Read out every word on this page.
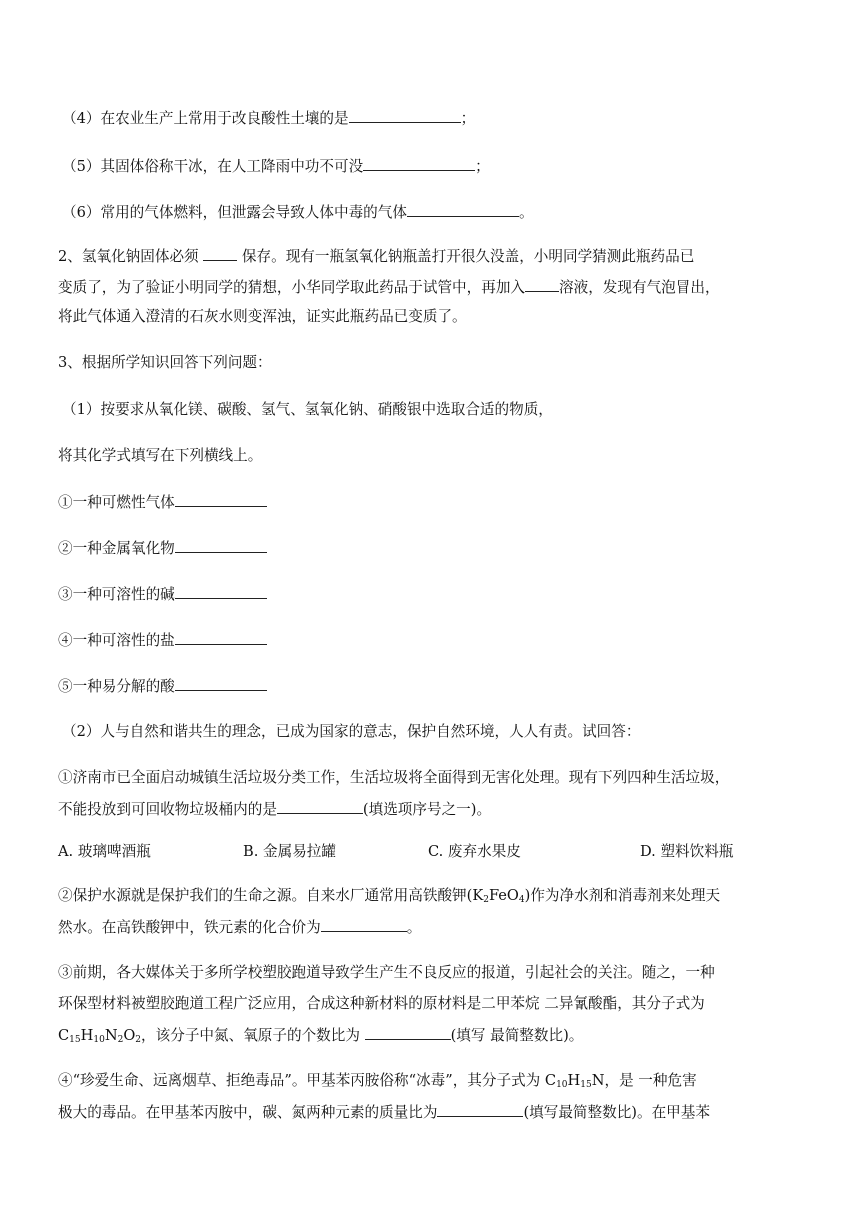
（4）在农业生产上常用于改良酸性土壤的是	；
（5）其固体俗称干冰，在人工降雨中功不可没	；
（6）常用的气体燃料，但泄露会导致人体中毒的气体	。
2、氢氧化钠固体必须  保存。现有一瓶氢氧化钠瓶盖打开很久没盖，小明同学猜测此瓶药品已
变质了，为了验证小明同学的猜想，小华同学取此药品于试管中，再加入 溶液，发现有气泡冒出，
将此气体通入澄清的石灰水则变浑浊，证实此瓶药品已变质了。
3、根据所学知识回答下列问题：
（1）按要求从氧化镁、碳酸、氢气、氢氧化钠、硝酸银中选取合适的物质，
将其化学式填写在下列横线上。
①一种可燃性气体
②一种金属氧化物
③一种可溶性的碱
④一种可溶性的盐
⑤一种易分解的酸
（2）人与自然和谐共生的理念，已成为国家的意志，保护自然环境，人人有责。试回答：
①济南市已全面启动城镇生活垃圾分类工作，生活垃圾将全面得到无害化处理。现有下列四种生活垃圾，
不能投放到可回收物垃圾桶内的是	(填选项序号之一)。
A. 玻璃啤酒瓶	B. 金属易拉罐	C. 废弃水果皮	D. 塑料饮料瓶
②保护水源就是保护我们的生命之源。自来水厂通常用高铁酸钾$(K_2FeO_4)$作为净水剂和消毒剂来处理天
然水。在高铁酸钾中，铁元素的化合价为	。
③前期，各大媒体关于多所学校塑胶跑道导致学生产生不良反应的报道，引起社会的关注。随之，一种
环保型材料被塑胶跑道工程广泛应用，合成这种新材料的原材料是二甲苯烷 二异氰酸酯，其分子式为
$C_{15}H_{10}N_2O_2$，该分子中氮、氧原子的个数比为	(填写 最简整数比)。
④“珍爱生命、远离烟草、拒绝毒品”。甲基苯丙胺俗称“冰毒”，其分子式为 $C_{10}H_{15}N$，是 一种危害
极大的毒品。在甲基苯丙胺中，碳、氮两种元素的质量比为	(填写最简整数比)。在甲基苯
